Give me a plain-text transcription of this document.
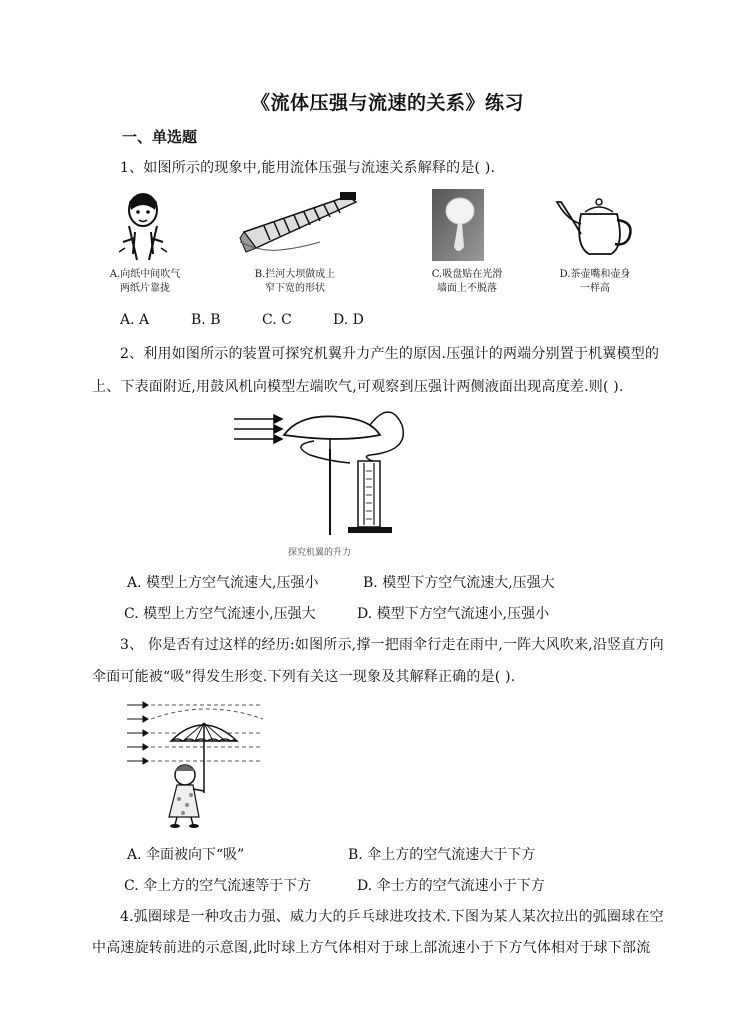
《流体压强与流速的关系》练习
一、单选题
1、如图所示的现象中,能用流体压强与流速关系解释的是( ).
A.向纸中间吹气
两纸片靠拢
B.拦河大坝做成上
窄下宽的形状
C.吸盘贴在光滑
墙面上不脱落
D.茶壶嘴和壶身
一样高
A. A	B. B	C. C	D. D
2、利用如图所示的装置可探究机翼升力产生的原因.压强计的两端分别置于机翼模型的
上、下表面附近,用鼓风机向模型左端吹气,可观察到压强计两侧液面出现高度差.则( ).
探究机翼的升力
A. 模型上方空气流速大,压强小	B. 模型下方空气流速大,压强大
C. 模型上方空气流速小,压强大	D. 模型下方空气流速小,压强小
3、 你是否有过这样的经历:如图所示,撑一把雨伞行走在雨中,一阵大风吹来,沿竖直方向
伞面可能被“吸”得发生形变.下列有关这一现象及其解释正确的是( ).
A. 伞面被向下“吸”	B. 伞上方的空气流速大于下方
C. 伞上方的空气流速等于下方	D. 伞士方的空气流速小于下方
4.弧圈球是一种攻击力强、威力大的乒乓球进攻技术.下图为某人某次拉出的弧圈球在空
中高速旋转前进的示意图,此时球上方气体相对于球上部流速小于下方气体相对于球下部流
